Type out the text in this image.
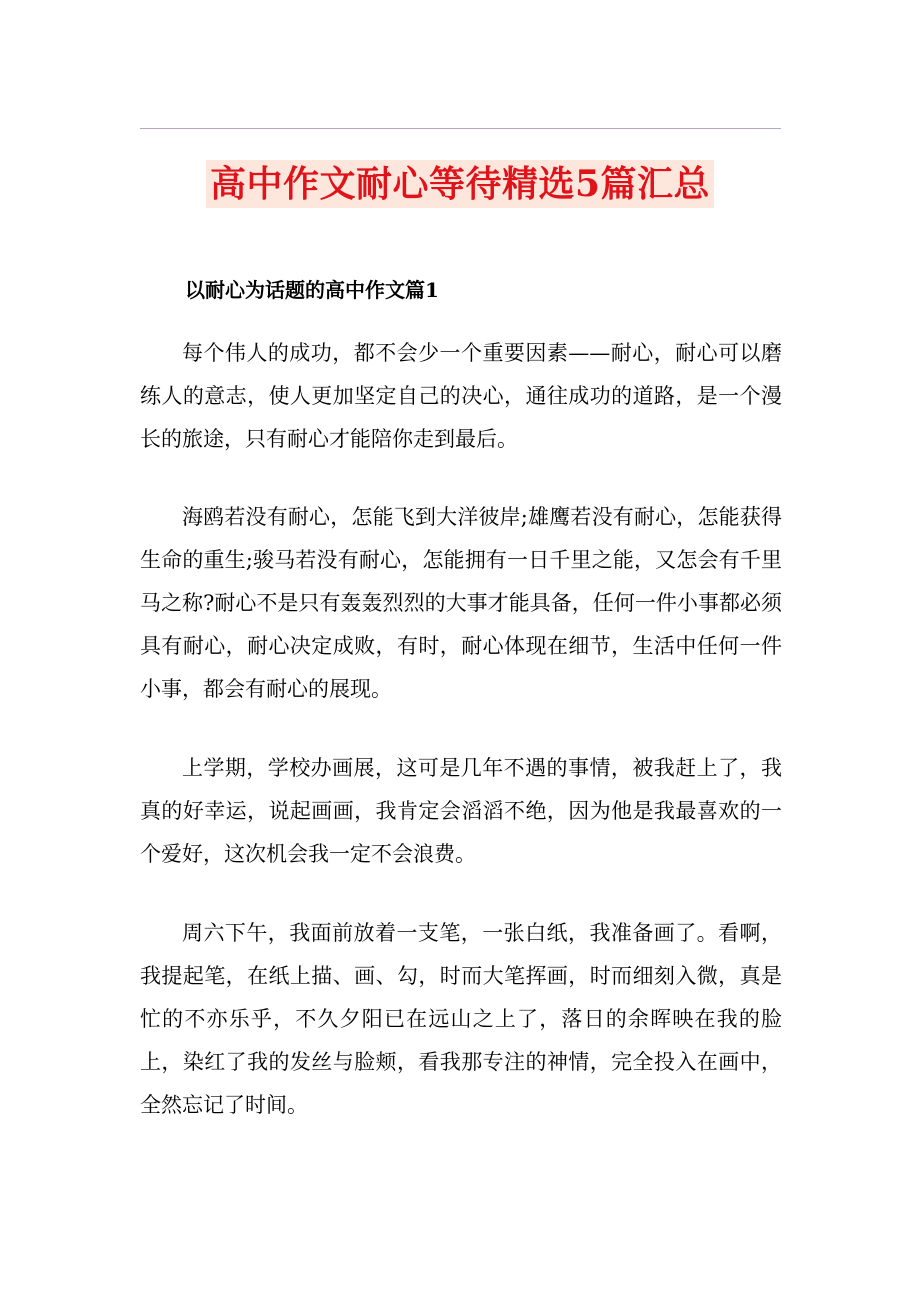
高中作文耐心等待精选5篇汇总
以耐心为话题的高中作文篇1

每个伟人的成功，都不会少一个重要因素——耐心，耐心可以磨练人的意志，使人更加坚定自己的决心，通往成功的道路，是一个漫长的旅途，只有耐心才能陪你走到最后。

海鸥若没有耐心，怎能飞到大洋彼岸;雄鹰若没有耐心，怎能获得生命的重生;骏马若没有耐心，怎能拥有一日千里之能，又怎会有千里马之称?耐心不是只有轰轰烈烈的大事才能具备，任何一件小事都必须具有耐心，耐心决定成败，有时，耐心体现在细节，生活中任何一件小事，都会有耐心的展现。

上学期，学校办画展，这可是几年不遇的事情，被我赶上了，我真的好幸运，说起画画，我肯定会滔滔不绝，因为他是我最喜欢的一个爱好，这次机会我一定不会浪费。

周六下午，我面前放着一支笔，一张白纸，我准备画了。看啊，我提起笔，在纸上描、画、勾，时而大笔挥画，时而细刻入微，真是忙的不亦乐乎，不久夕阳已在远山之上了，落日的余晖映在我的脸上，染红了我的发丝与脸颊，看我那专注的神情，完全投入在画中，全然忘记了时间。
